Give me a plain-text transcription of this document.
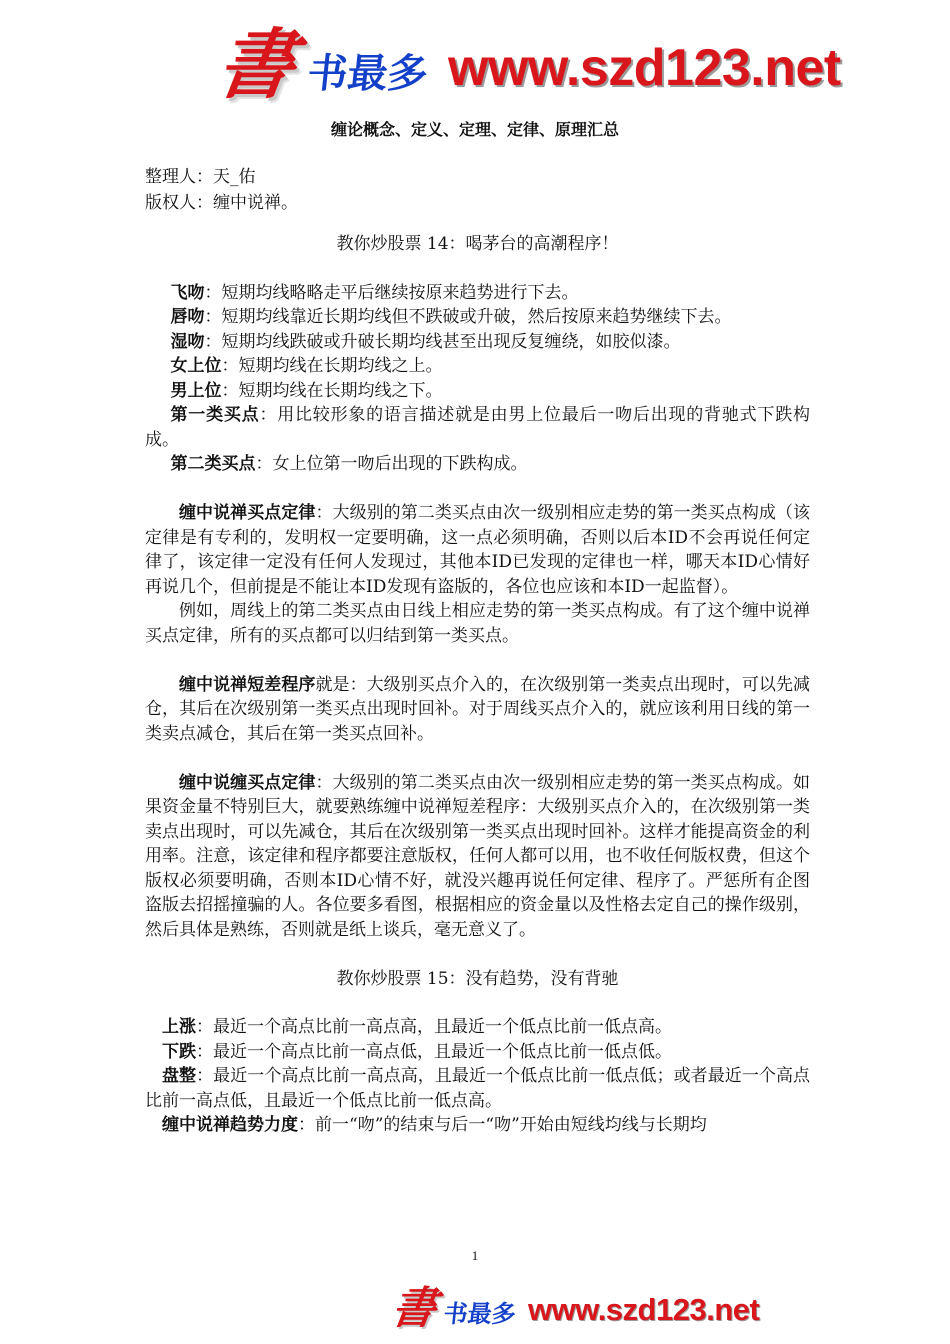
書 书最多 www.szd123.net
缠论概念、定义、定理、定律、原理汇总
整理人：天_佑
版权人：缠中说禅。
教你炒股票 14：喝茅台的高潮程序！

飞吻：短期均线略略走平后继续按原来趋势进行下去。

唇吻：短期均线靠近长期均线但不跌破或升破，然后按原来趋势继续下去。

湿吻：短期均线跌破或升破长期均线甚至出现反复缠绕，如胶似漆。

女上位：短期均线在长期均线之上。

男上位：短期均线在长期均线之下。

第一类买点：用比较形象的语言描述就是由男上位最后一吻后出现的背驰式下跌构成。

第二类买点：女上位第一吻后出现的下跌构成。

缠中说禅买点定律：大级别的第二类买点由次一级别相应走势的第一类买点构成（该定律是有专利的，发明权一定要明确，这一点必须明确，否则以后本ID不会再说任何定律了，该定律一定没有任何人发现过，其他本ID已发现的定律也一样，哪天本ID心情好再说几个，但前提是不能让本ID发现有盗版的，各位也应该和本ID一起监督）。

例如，周线上的第二类买点由日线上相应走势的第一类买点构成。有了这个缠中说禅买点定律，所有的买点都可以归结到第一类买点。

缠中说禅短差程序就是：大级别买点介入的，在次级别第一类卖点出现时，可以先减仓，其后在次级别第一类买点出现时回补。对于周线买点介入的，就应该利用日线的第一类卖点减仓，其后在第一类买点回补。

缠中说缠买点定律：大级别的第二类买点由次一级别相应走势的第一类买点构成。如果资金量不特别巨大，就要熟练缠中说禅短差程序：大级别买点介入的，在次级别第一类卖点出现时，可以先减仓，其后在次级别第一类买点出现时回补。这样才能提高资金的利用率。注意，该定律和程序都要注意版权，任何人都可以用，也不收任何版权费，但这个版权必须要明确，否则本ID心情不好，就没兴趣再说任何定律、程序了。严惩所有企图盗版去招摇撞骗的人。各位要多看图，根据相应的资金量以及性格去定自己的操作级别，然后具体是熟练，否则就是纸上谈兵，毫无意义了。

教你炒股票 15：没有趋势，没有背驰

上涨：最近一个高点比前一高点高，且最近一个低点比前一低点高。

下跌：最近一个高点比前一高点低，且最近一个低点比前一低点低。

盘整：最近一个高点比前一高点高，且最近一个低点比前一低点低；或者最近一个高点比前一高点低，且最近一个低点比前一低点高。

缠中说禅趋势力度：前一“吻”的结束与后一“吻”开始由短线均线与长期均

1
書 书最多 www.szd123.net
